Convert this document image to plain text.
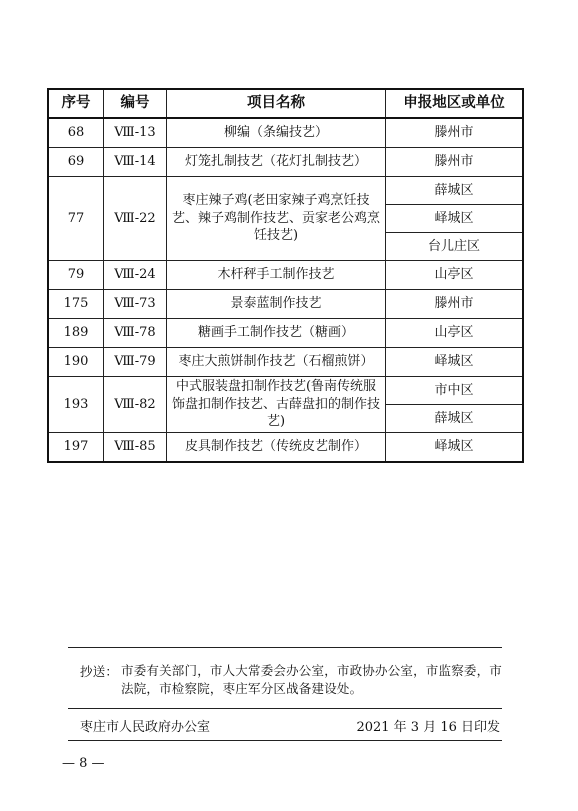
序号	编号	项目名称	申报地区或单位
68	Ⅷ-13	柳编（条编技艺）	滕州市
69	Ⅷ-14	灯笼扎制技艺（花灯扎制技艺）	滕州市
77	Ⅷ-22	枣庄辣子鸡(老田家辣子鸡烹饪技艺、辣子鸡制作技艺、贡家老公鸡烹饪技艺)	薛城区
			峄城区
			台儿庄区
79	Ⅷ-24	木杆秤手工制作技艺	山亭区
175	Ⅷ-73	景泰蓝制作技艺	滕州市
189	Ⅷ-78	糖画手工制作技艺（糖画）	山亭区
190	Ⅷ-79	枣庄大煎饼制作技艺（石榴煎饼）	峄城区
193	Ⅷ-82	中式服装盘扣制作技艺(鲁南传统服饰盘扣制作技艺、古薛盘扣的制作技艺)	市中区
			薛城区
197	Ⅷ-85	皮具制作技艺（传统皮艺制作）	峄城区
抄送： 市委有关部门，市人大常委会办公室，市政协办公室，市监察委，市法院，市检察院，枣庄军分区战备建设处。
枣庄市人民政府办公室	2021 年 3 月 16 日印发
— 8 —
